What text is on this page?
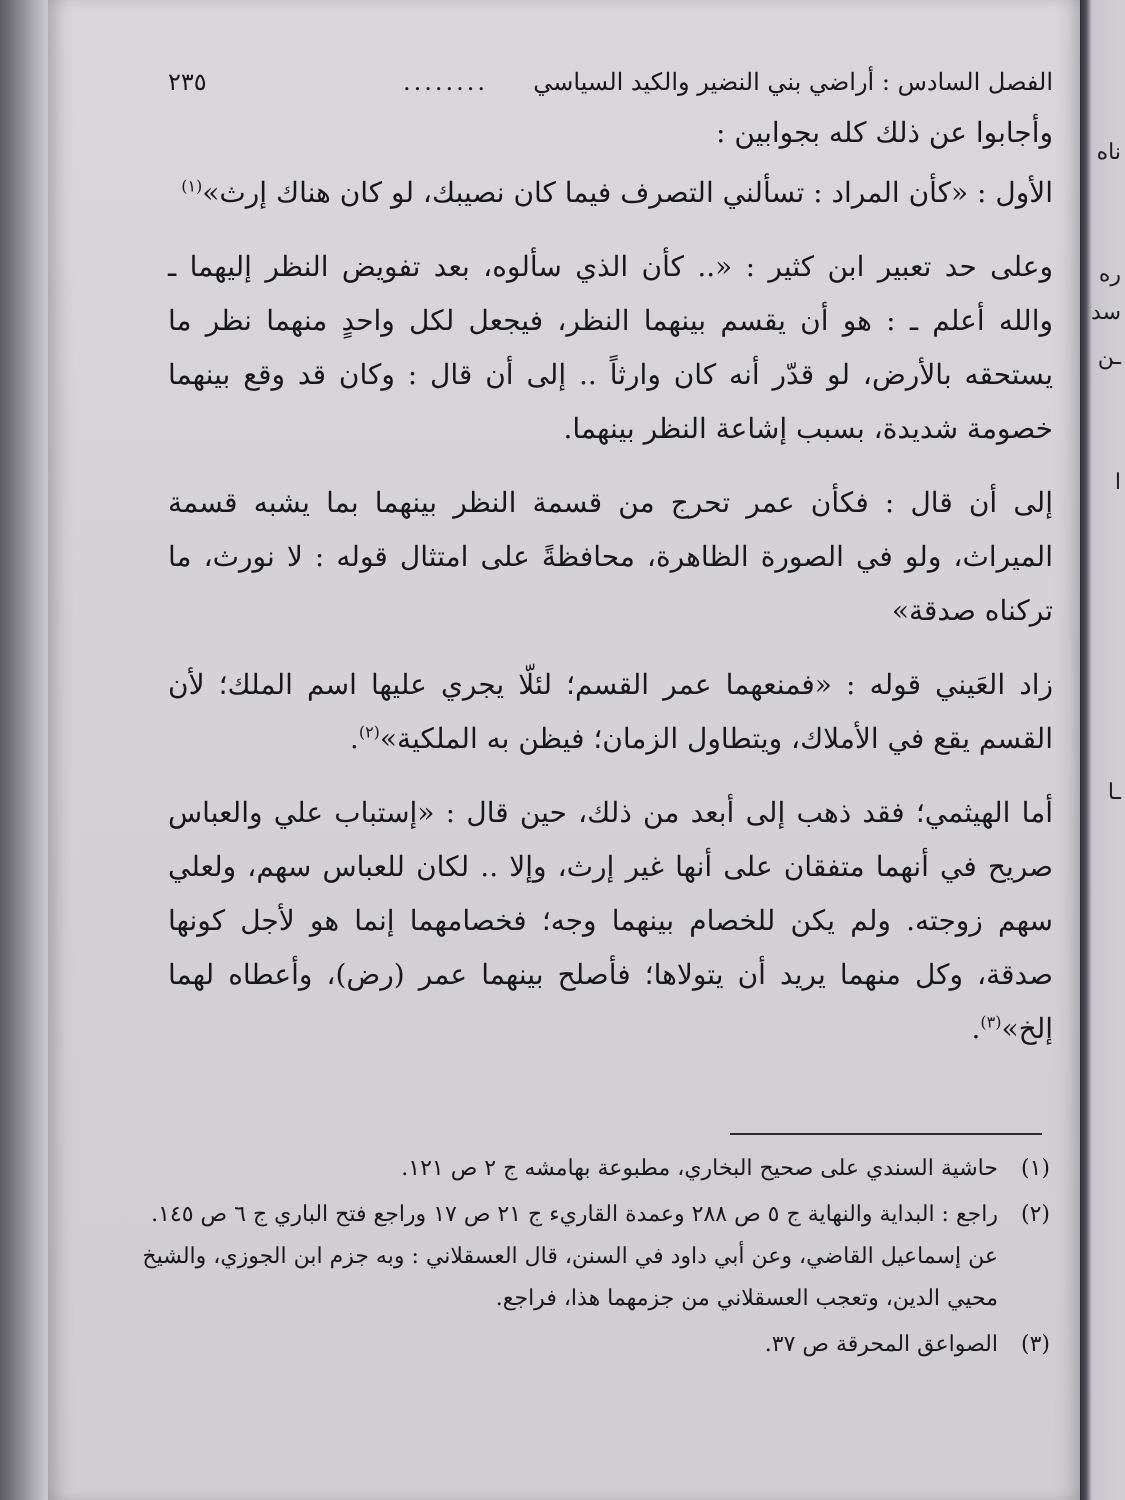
ناه
ره
سد
ـن
ا
ـا
الفصل السادس : أراضي بني النضير والكيد السياسي
........
٢٣٥

وأجابوا عن ذلك كله بجوابين :

الأول : «كأن المراد : تسألني التصرف فيما كان نصيبك، لو كان هناك إرث»$^{(١)}$

وعلى حد تعبير ابن كثير : «.. كأن الذي سألوه، بعد تفويض النظر إليهما ـ والله أعلم ـ : هو أن يقسم بينهما النظر، فيجعل لكل واحدٍ منهما نظر ما يستحقه بالأرض، لو قدّر أنه كان وارثاً .. إلى أن قال : وكان قد وقع بينهما خصومة شديدة، بسبب إشاعة النظر بينهما.

إلى أن قال : فكأن عمر تحرج من قسمة النظر بينهما بما يشبه قسمة الميراث، ولو في الصورة الظاهرة، محافظةً على امتثال قوله : لا نورث، ما تركناه صدقة»

زاد العَيني قوله : «فمنعهما عمر القسم؛ لئلّا يجري عليها اسم الملك؛ لأن القسم يقع في الأملاك، ويتطاول الزمان؛ فيظن به الملكية»$^{(٢)}$.

أما الهيثمي؛ فقد ذهب إلى أبعد من ذلك، حين قال : «إستباب علي والعباس صريح في أنهما متفقان على أنها غير إرث، وإلا .. لكان للعباس سهم، ولعلي سهم زوجته. ولم يكن للخصام بينهما وجه؛ فخصامهما إنما هو لأجل كونها صدقة، وكل منهما يريد أن يتولاها؛ فأصلح بينهما عمر (رض)، وأعطاه لهما إلخ»$^{(٣)}$.

(١)
حاشية السندي على صحيح البخاري، مطبوعة بهامشه ج ٢ ص ١٢١.
(٢)
راجع : البداية والنهاية ج ٥ ص ٢٨٨ وعمدة القاريء ج ٢١ ص ١٧ وراجع فتح الباري ج ٦ ص ١٤٥. عن إسماعيل القاضي، وعن أبي داود في السنن، قال العسقلاني : وبه جزم ابن الجوزي، والشيخ محيي الدين، وتعجب العسقلاني من جزمهما هذا، فراجع.
(٣)
الصواعق المحرقة ص ٣٧.
